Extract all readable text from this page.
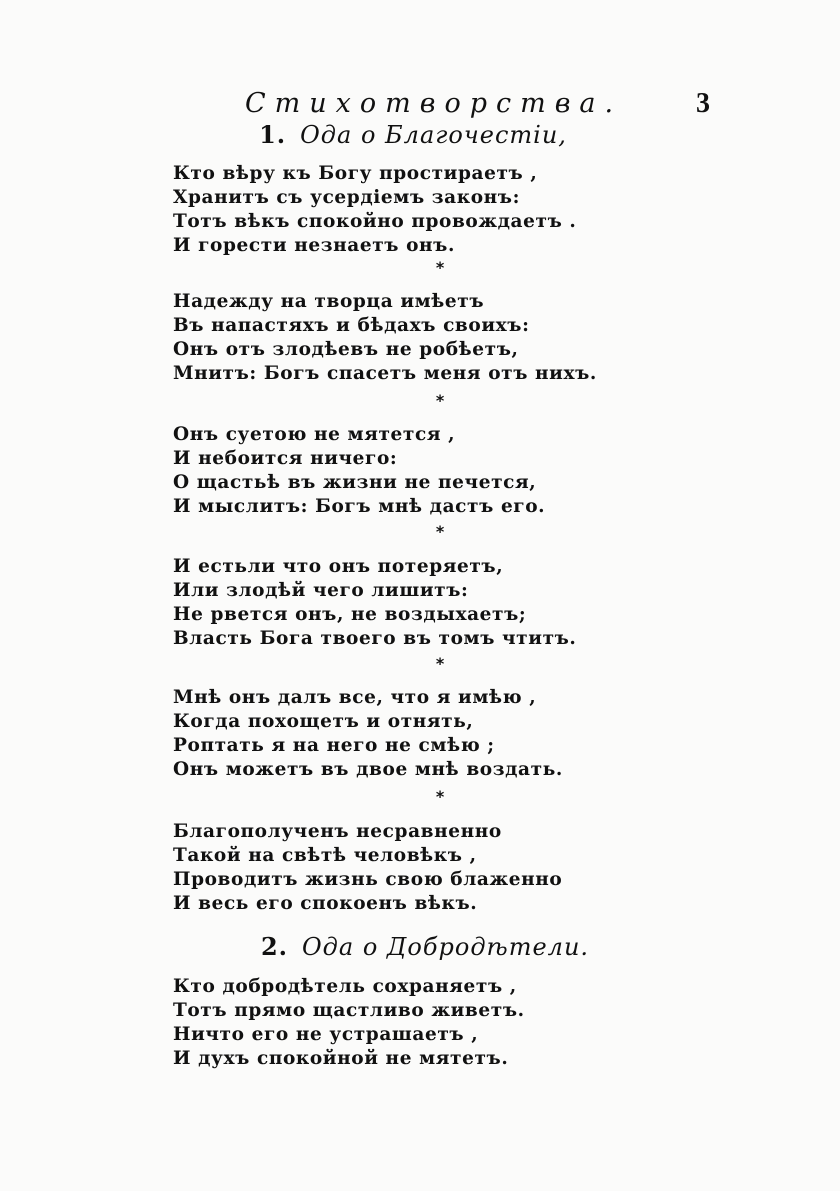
Стихотворства.	3
1. Ода о Благочестiи,
Кто вѣру къ Богу простираетъ ,
Хранитъ съ усердiемъ законъ:
Тотъ вѣкъ спокойно провождаетъ .
И горести незнаетъ онъ.
*
Надежду на творца имѣетъ
Въ напастяхъ и бѣдахъ своихъ:
Онъ отъ злодѣевъ не робѣетъ,
Мнитъ: Богъ спасетъ меня отъ нихъ.
*
Онъ суетою не мятется ,
И небоится ничего:
О щастьѣ въ жизни не печется,
И мыслитъ: Богъ мнѣ дастъ его.
*
И естьли что онъ потеряетъ,
Или злодѣй чего лишитъ:
Не рвется онъ, не воздыхаетъ;
Власть Бога твоего въ томъ чтитъ.
*
Мнѣ онъ далъ все, что я имѣю ,
Когда похощетъ и отнять,
Роптать я на него не смѣю ;
Онъ можетъ въ двое мнѣ воздать.
*
Благополученъ несравненно
Такой на свѣтѣ человѣкъ ,
Проводитъ жизнь свою блаженно
И весь его спокоенъ вѣкъ.
2. Ода о Добродѣтели.
Кто добродѣтель сохраняетъ ,
Тотъ прямо щастливо живетъ.
Ничто его не устрашаетъ ,
И духъ спокойной не мятетъ.
